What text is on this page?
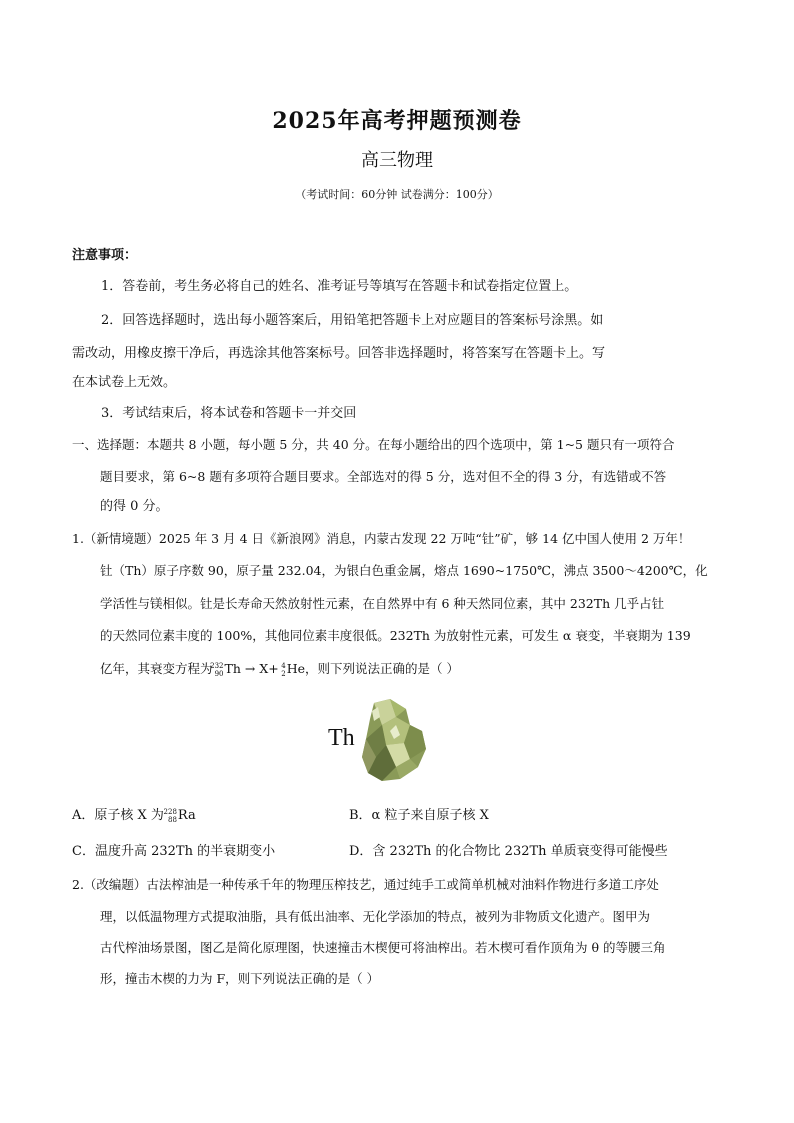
2025年高考押题预测卷
高三物理
（考试时间：60分钟 试卷满分：100分）
注意事项：
1．答卷前，考生务必将自己的姓名、准考证号等填写在答题卡和试卷指定位置上。
2．回答选择题时，选出每小题答案后，用铅笔把答题卡上对应题目的答案标号涂黑。如
需改动，用橡皮擦干净后，再选涂其他答案标号。回答非选择题时，将答案写在答题卡上。写
在本试卷上无效。
3．考试结束后，将本试卷和答题卡一并交回
一、选择题：本题共 8 小题，每小题 5 分，共 40 分。在每小题给出的四个选项中，第 1~5 题只有一项符合
题目要求，第 6~8 题有多项符合题目要求。全部选对的得 5 分，选对但不全的得 3 分，有选错或不答
的得 0 分。
1.（新情境题）2025 年 3 月 4 日《新浪网》消息，内蒙古发现 22 万吨“钍”矿，够 14 亿中国人使用 2 万年！
钍（Th）原子序数 90，原子量 232.04，为银白色重金属，熔点 1690~1750℃，沸点 3500～4200℃，化
学活性与镁相似。钍是长寿命天然放射性元素，在自然界中有 6 种天然同位素，其中 232Th 几乎占钍
的天然同位素丰度的 100%，其他同位素丰度很低。232Th 为放射性元素，可发生 α 衰变，半衰期为 139
亿年，其衰变方程为
232
90 Th → X+ 4
2 He，则下列说法正确的是（ ）
Th
A．原子核 X 为 228
88 Ra	B．α 粒子来自原子核 X
C．温度升高 232Th 的半衰期变小	D．含 232Th 的化合物比 232Th 单质衰变得可能慢些
2.（改编题）古法榨油是一种传承千年的物理压榨技艺，通过纯手工或简单机械对油料作物进行多道工序处
理，以低温物理方式提取油脂，具有低出油率、无化学添加的特点，被列为非物质文化遗产。图甲为
古代榨油场景图，图乙是简化原理图，快速撞击木楔便可将油榨出。若木楔可看作顶角为 θ 的等腰三角
形，撞击木楔的力为 F，则下列说法正确的是（ ）
